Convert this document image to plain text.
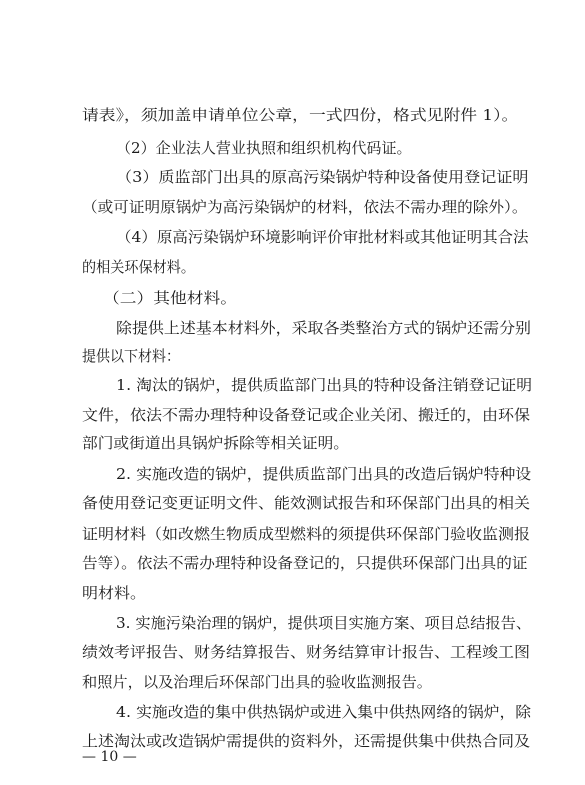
请表》，须加盖申请单位公章，一式四份，格式见附件 1）。
（2）企业法人营业执照和组织机构代码证。
（3）质监部门出具的原高污染锅炉特种设备使用登记证明
（或可证明原锅炉为高污染锅炉的材料，依法不需办理的除外）。
（4）原高污染锅炉环境影响评价审批材料或其他证明其合法
的相关环保材料。
（二）其他材料。
除提供上述基本材料外，采取各类整治方式的锅炉还需分别
提供以下材料：
1. 淘汰的锅炉，提供质监部门出具的特种设备注销登记证明
文件，依法不需办理特种设备登记或企业关闭、搬迁的，由环保
部门或街道出具锅炉拆除等相关证明。
2. 实施改造的锅炉，提供质监部门出具的改造后锅炉特种设
备使用登记变更证明文件、能效测试报告和环保部门出具的相关
证明材料（如改燃生物质成型燃料的须提供环保部门验收监测报
告等）。依法不需办理特种设备登记的，只提供环保部门出具的证
明材料。
3. 实施污染治理的锅炉，提供项目实施方案、项目总结报告、
绩效考评报告、财务结算报告、财务结算审计报告、工程竣工图
和照片，以及治理后环保部门出具的验收监测报告。
4. 实施改造的集中供热锅炉或进入集中供热网络的锅炉，除
上述淘汰或改造锅炉需提供的资料外，还需提供集中供热合同及
— 10 —
